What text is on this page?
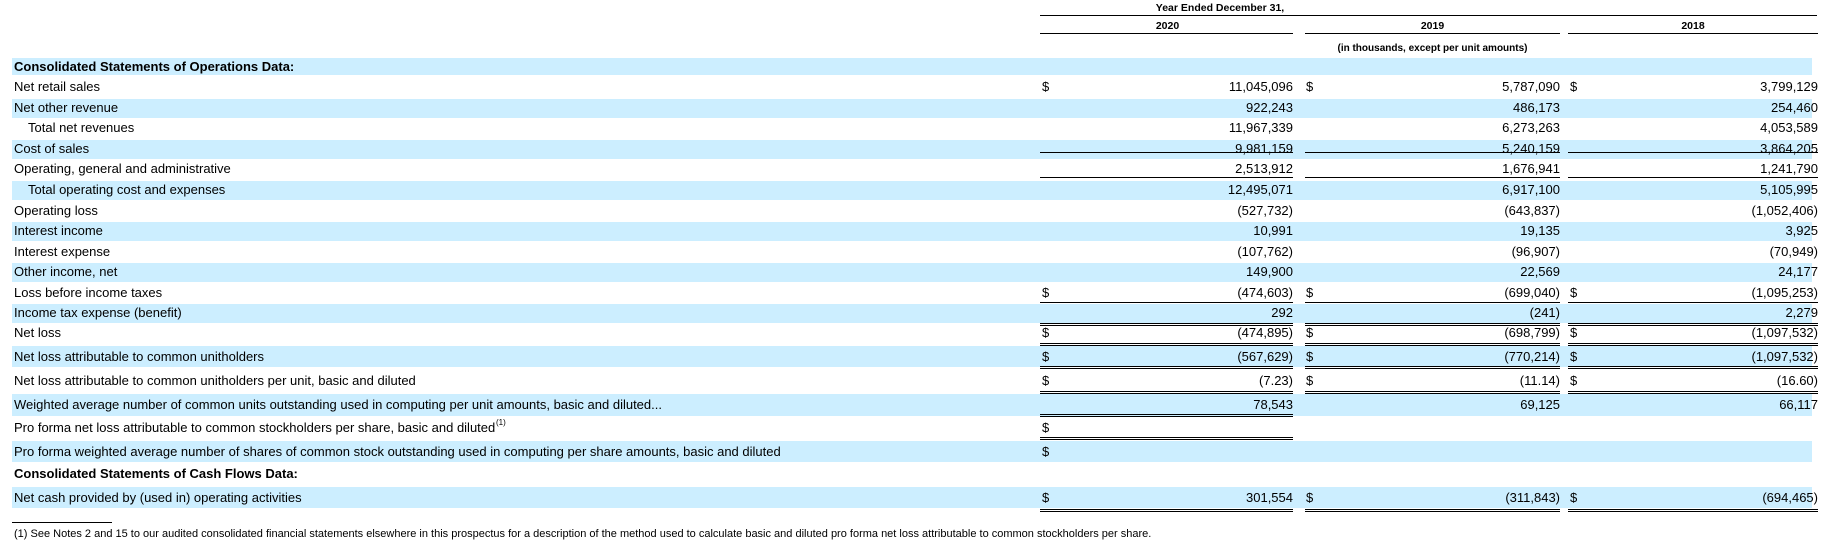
Year Ended December 31,
2020	2019	2018
(in thousands, except per unit amounts)
Consolidated Statements of Operations Data:
Net retail sales	$	11,045,096 $	5,787,090 $	3,799,129
Net other revenue	922,243	486,173	254,460
Total net revenues	11,967,339	6,273,263	4,053,589
Cost of sales	9,981,159	5,240,159	3,864,205
Operating, general and administrative	2,513,912	1,676,941	1,241,790
Total operating cost and expenses	12,495,071	6,917,100	5,105,995
Operating loss	(527,732)	(643,837)	(1,052,406)
Interest income	10,991	19,135	3,925
Interest expense	(107,762)	(96,907)	(70,949)
Other income, net	149,900	22,569	24,177
Loss before income taxes	$	(474,603) $	(699,040) $	(1,095,253)
Income tax expense (benefit)	292	(241)	2,279
Net loss	$	(474,895) $	(698,799) $	(1,097,532)
Net loss attributable to common unitholders	$	(567,629) $	(770,214) $	(1,097,532)
Net loss attributable to common unitholders per unit, basic and diluted	$	(7.23) $	(11.14) $	(16.60)
Weighted average number of common units outstanding used in computing per unit amounts, basic and diluted...	78,543	69,125	66,117
Pro forma net loss attributable to common stockholders per share, basic and diluted (1)	$
Pro forma weighted average number of shares of common stock outstanding used in computing per share amounts, basic and diluted	$
Consolidated Statements of Cash Flows Data:
Net cash provided by (used in) operating activities	$	301,554 $	(311,843) $	(694,465)
(1) See Notes 2 and 15 to our audited consolidated financial statements elsewhere in this prospectus for a description of the method used to calculate basic and diluted pro forma net loss attributable to common stockholders per share.
